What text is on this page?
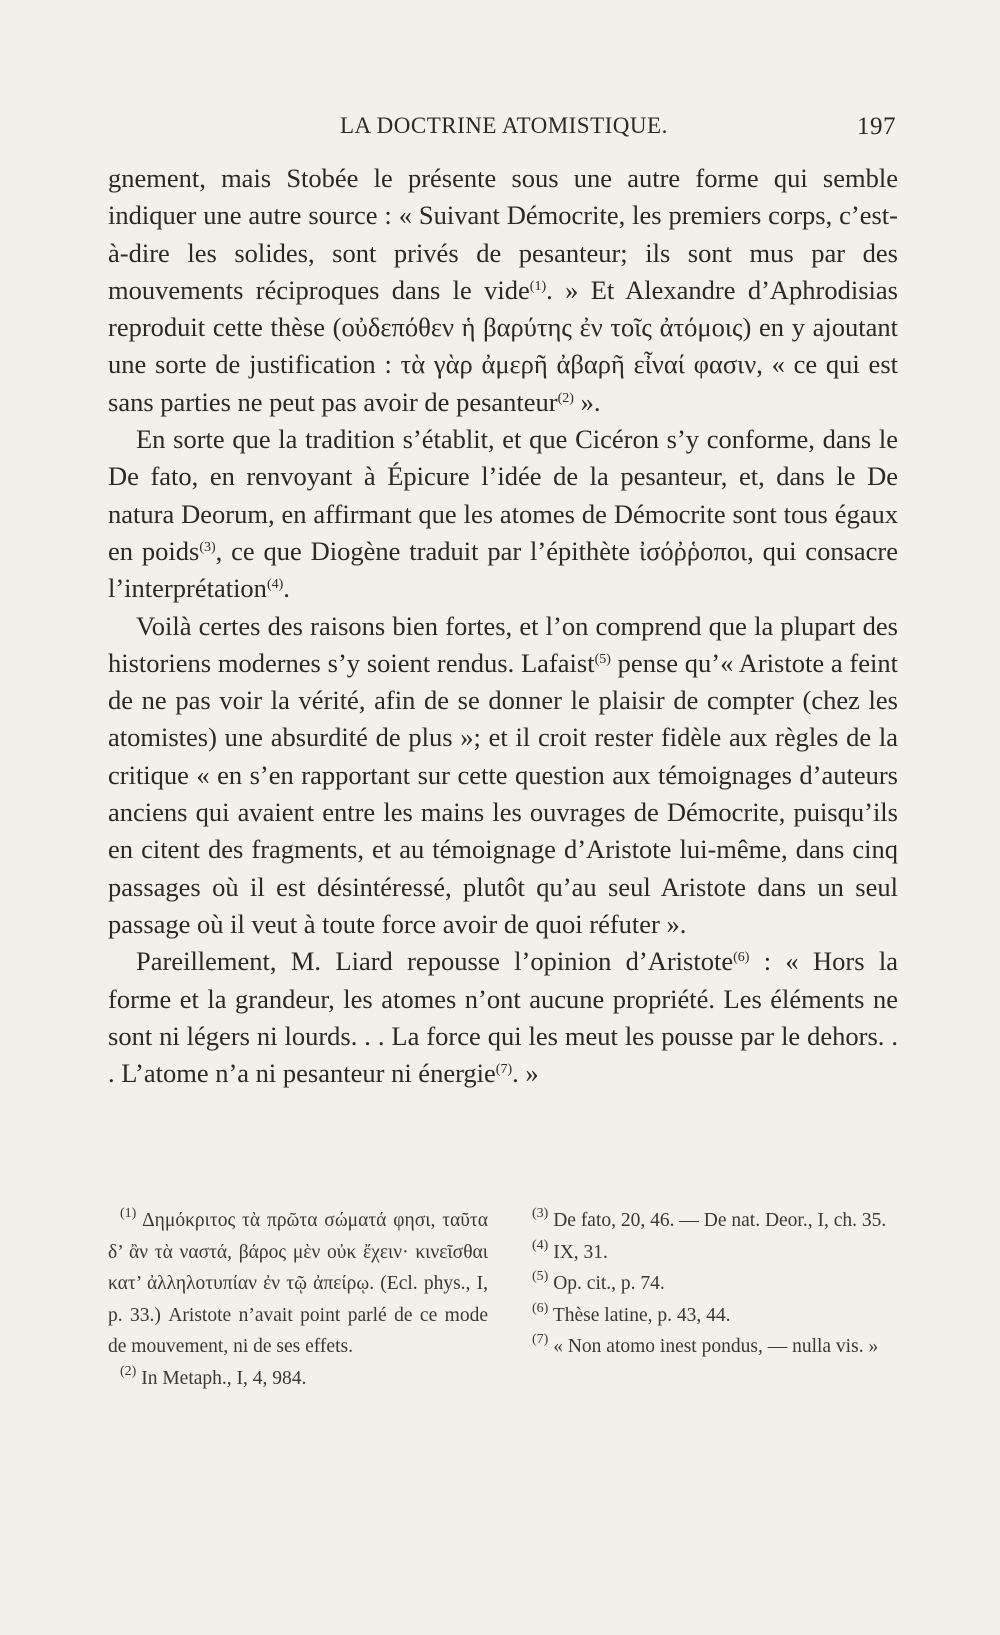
LA DOCTRINE ATOMISTIQUE.	197

gnement, mais Stobée le présente sous une autre forme qui semble indiquer une autre source : « Suivant Démocrite, les premiers corps, c’est-à-dire les solides, sont privés de pesanteur; ils sont mus par des mouvements réciproques dans le vide$^{(1)}$. » Et Alexandre d’Aphrodisias reproduit cette thèse (οὐδεπόθεν ἡ βαρύτης ἐν τοῖς ἀτόμοις) en y ajoutant une sorte de justification : τὰ γὰρ ἀμερῆ ἀβαρῆ εἶναί φασιν, « ce qui est sans parties ne peut pas avoir de pesanteur$^{(2)}$ ».

En sorte que la tradition s’établit, et que Cicéron s’y conforme, dans le De fato, en renvoyant à Épicure l’idée de la pesanteur, et, dans le De natura Deorum, en affirmant que les atomes de Démocrite sont tous égaux en poids$^{(3)}$, ce que Diogène traduit par l’épithète ἰσόῤῥοποι, qui consacre l’interprétation$^{(4)}$.

Voilà certes des raisons bien fortes, et l’on comprend que la plupart des historiens modernes s’y soient rendus. Lafaist$^{(5)}$ pense qu’« Aristote a feint de ne pas voir la vérité, afin de se donner le plaisir de compter (chez les atomistes) une absurdité de plus »; et il croit rester fidèle aux règles de la critique « en s’en rapportant sur cette question aux témoignages d’auteurs anciens qui avaient entre les mains les ouvrages de Démocrite, puisqu’ils en citent des fragments, et au témoignage d’Aristote lui-même, dans cinq passages où il est désintéressé, plutôt qu’au seul Aristote dans un seul passage où il veut à toute force avoir de quoi réfuter ».

Pareillement, M. Liard repousse l’opinion d’Aristote$^{(6)}$ : « Hors la forme et la grandeur, les atomes n’ont aucune propriété. Les éléments ne sont ni légers ni lourds. . . La force qui les meut les pousse par le dehors. . . L’atome n’a ni pesanteur ni énergie$^{(7)}$. »

$^{(1)}$ Δημόκριτος τὰ πρῶτα σώματά φησι, ταῦτα δ’ ἂν τὰ ναστά, βάρος μὲν οὐκ ἔχειν· κινεῖσθαι κατ’ ἀλληλοτυπίαν ἐν τῷ ἀπείρῳ. (Ecl. phys., I, p. 33.) Aristote n’avait point parlé de ce mode de mouvement, ni de ses effets.

$^{(2)}$ In Metaph., I, 4, 984.

$^{(3)}$ De fato, 20, 46. — De nat. Deor., I, ch. 35.

$^{(4)}$ IX, 31.

$^{(5)}$ Op. cit., p. 74.

$^{(6)}$ Thèse latine, p. 43, 44.

$^{(7)}$ « Non atomo inest pondus, — nulla vis. »
